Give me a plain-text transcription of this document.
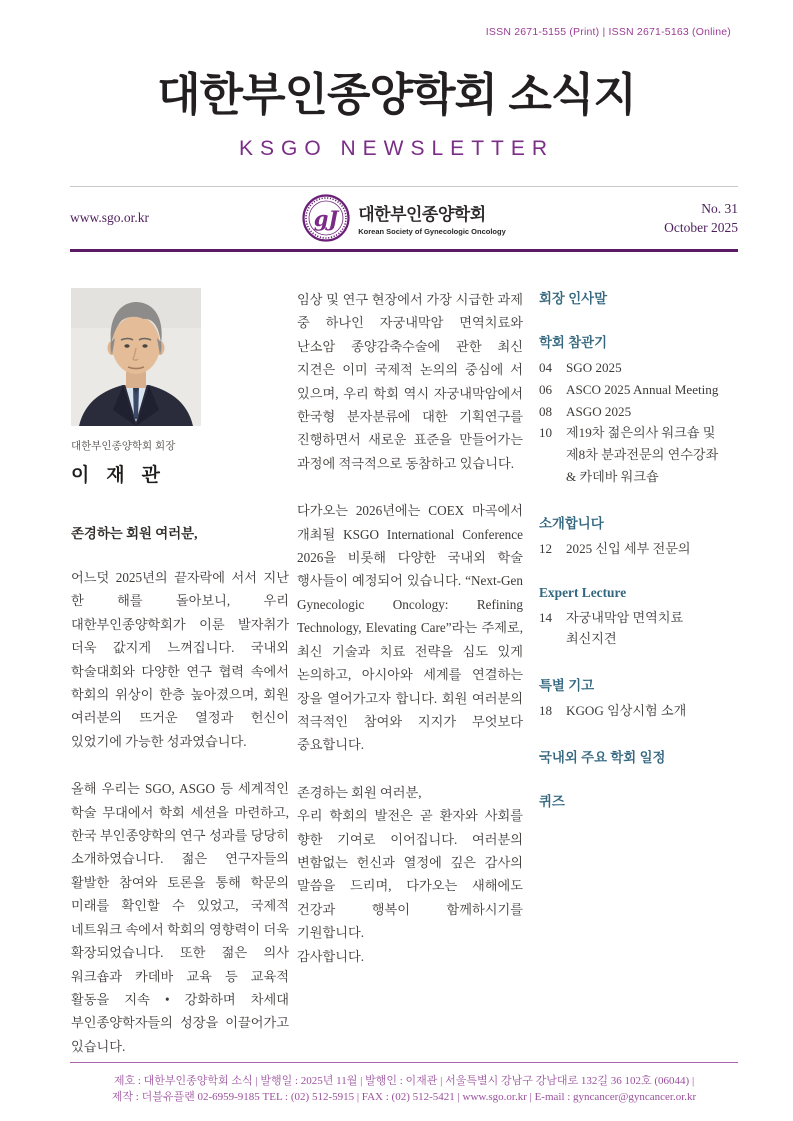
ISSN 2671-5155 (Print) | ISSN 2671-5163 (Online)
대한부인종양학회 소식지
KSGO NEWSLETTER
www.sgo.or.kr	gJ 대한부인종양학회
Korean Society of Gynecologic Oncology
No. 31
October 2025
대한부인종양학회 회장
이 재 관

존경하는 회원 여러분,

어느덧 2025년의 끝자락에 서서 지난 한 해를 돌아보니, 우리 대한부인종양학회가 이룬 발자취가 더욱 값지게 느껴집니다. 국내외 학술대회와 다양한 연구 협력 속에서 학회의 위상이 한층 높아졌으며, 회원 여러분의 뜨거운 열정과 헌신이 있었기에 가능한 성과였습니다.

올해 우리는 SGO, ASGO 등 세계적인 학술 무대에서 학회 세션을 마련하고, 한국 부인종양학의 연구 성과를 당당히 소개하였습니다. 젊은 연구자들의 활발한 참여와 토론을 통해 학문의 미래를 확인할 수 있었고, 국제적 네트워크 속에서 학회의 영향력이 더욱 확장되었습니다. 또한 젊은 의사 워크숍과 카데바 교육 등 교육적 활동을 지속 • 강화하며 차세대 부인종양학자들의 성장을 이끌어가고 있습니다.

임상 및 연구 현장에서 가장 시급한 과제 중 하나인 자궁내막암 면역치료와 난소암 종양감축수술에 관한 최신 지견은 이미 국제적 논의의 중심에 서 있으며, 우리 학회 역시 자궁내막암에서 한국형 분자분류에 대한 기획연구를 진행하면서 새로운 표준을 만들어가는 과정에 적극적으로 동참하고 있습니다.

다가오는 2026년에는 COEX 마곡에서 개최될 KSGO International Conference 2026을 비롯해 다양한 국내외 학술 행사들이 예정되어 있습니다. “Next-Gen Gynecologic Oncology: Refining Technology, Elevating Care”라는 주제로, 최신 기술과 치료 전략을 심도 있게 논의하고, 아시아와 세계를 연결하는 장을 열어가고자 합니다. 회원 여러분의 적극적인 참여와 지지가 무엇보다 중요합니다.

존경하는 회원 여러분,

우리 학회의 발전은 곧 환자와 사회를 향한 기여로 이어집니다. 여러분의 변함없는 헌신과 열정에 깊은 감사의 말씀을 드리며, 다가오는 새해에도 건강과 행복이 함께하시기를 기원합니다.

감사합니다.

회장 인사말
학회 참관기
04	SGO 2025
06	ASCO 2025 Annual Meeting
08	ASGO 2025
10	제19차 젊은의사 워크숍 및 제8차 분과전문의 연수강좌 & 카데바 워크숍
소개합니다
12	2025 신입 세부 전문의
Expert Lecture
14	자궁내막암 면역치료 최신지견
특별 기고
18	KGOG 임상시험 소개
국내외 주요 학회 일정
퀴즈
제호 : 대한부인종양학회 소식 | 발행일 : 2025년 11월 | 발행인 : 이재관 | 서울특별시 강남구 강남대로 132길 36 102호 (06044) |
제작 : 더블유플랜 02-6959-9185 TEL : (02) 512-5915 | FAX : (02) 512-5421 | www.sgo.or.kr | E-mail : gyncancer@gyncancer.or.kr
